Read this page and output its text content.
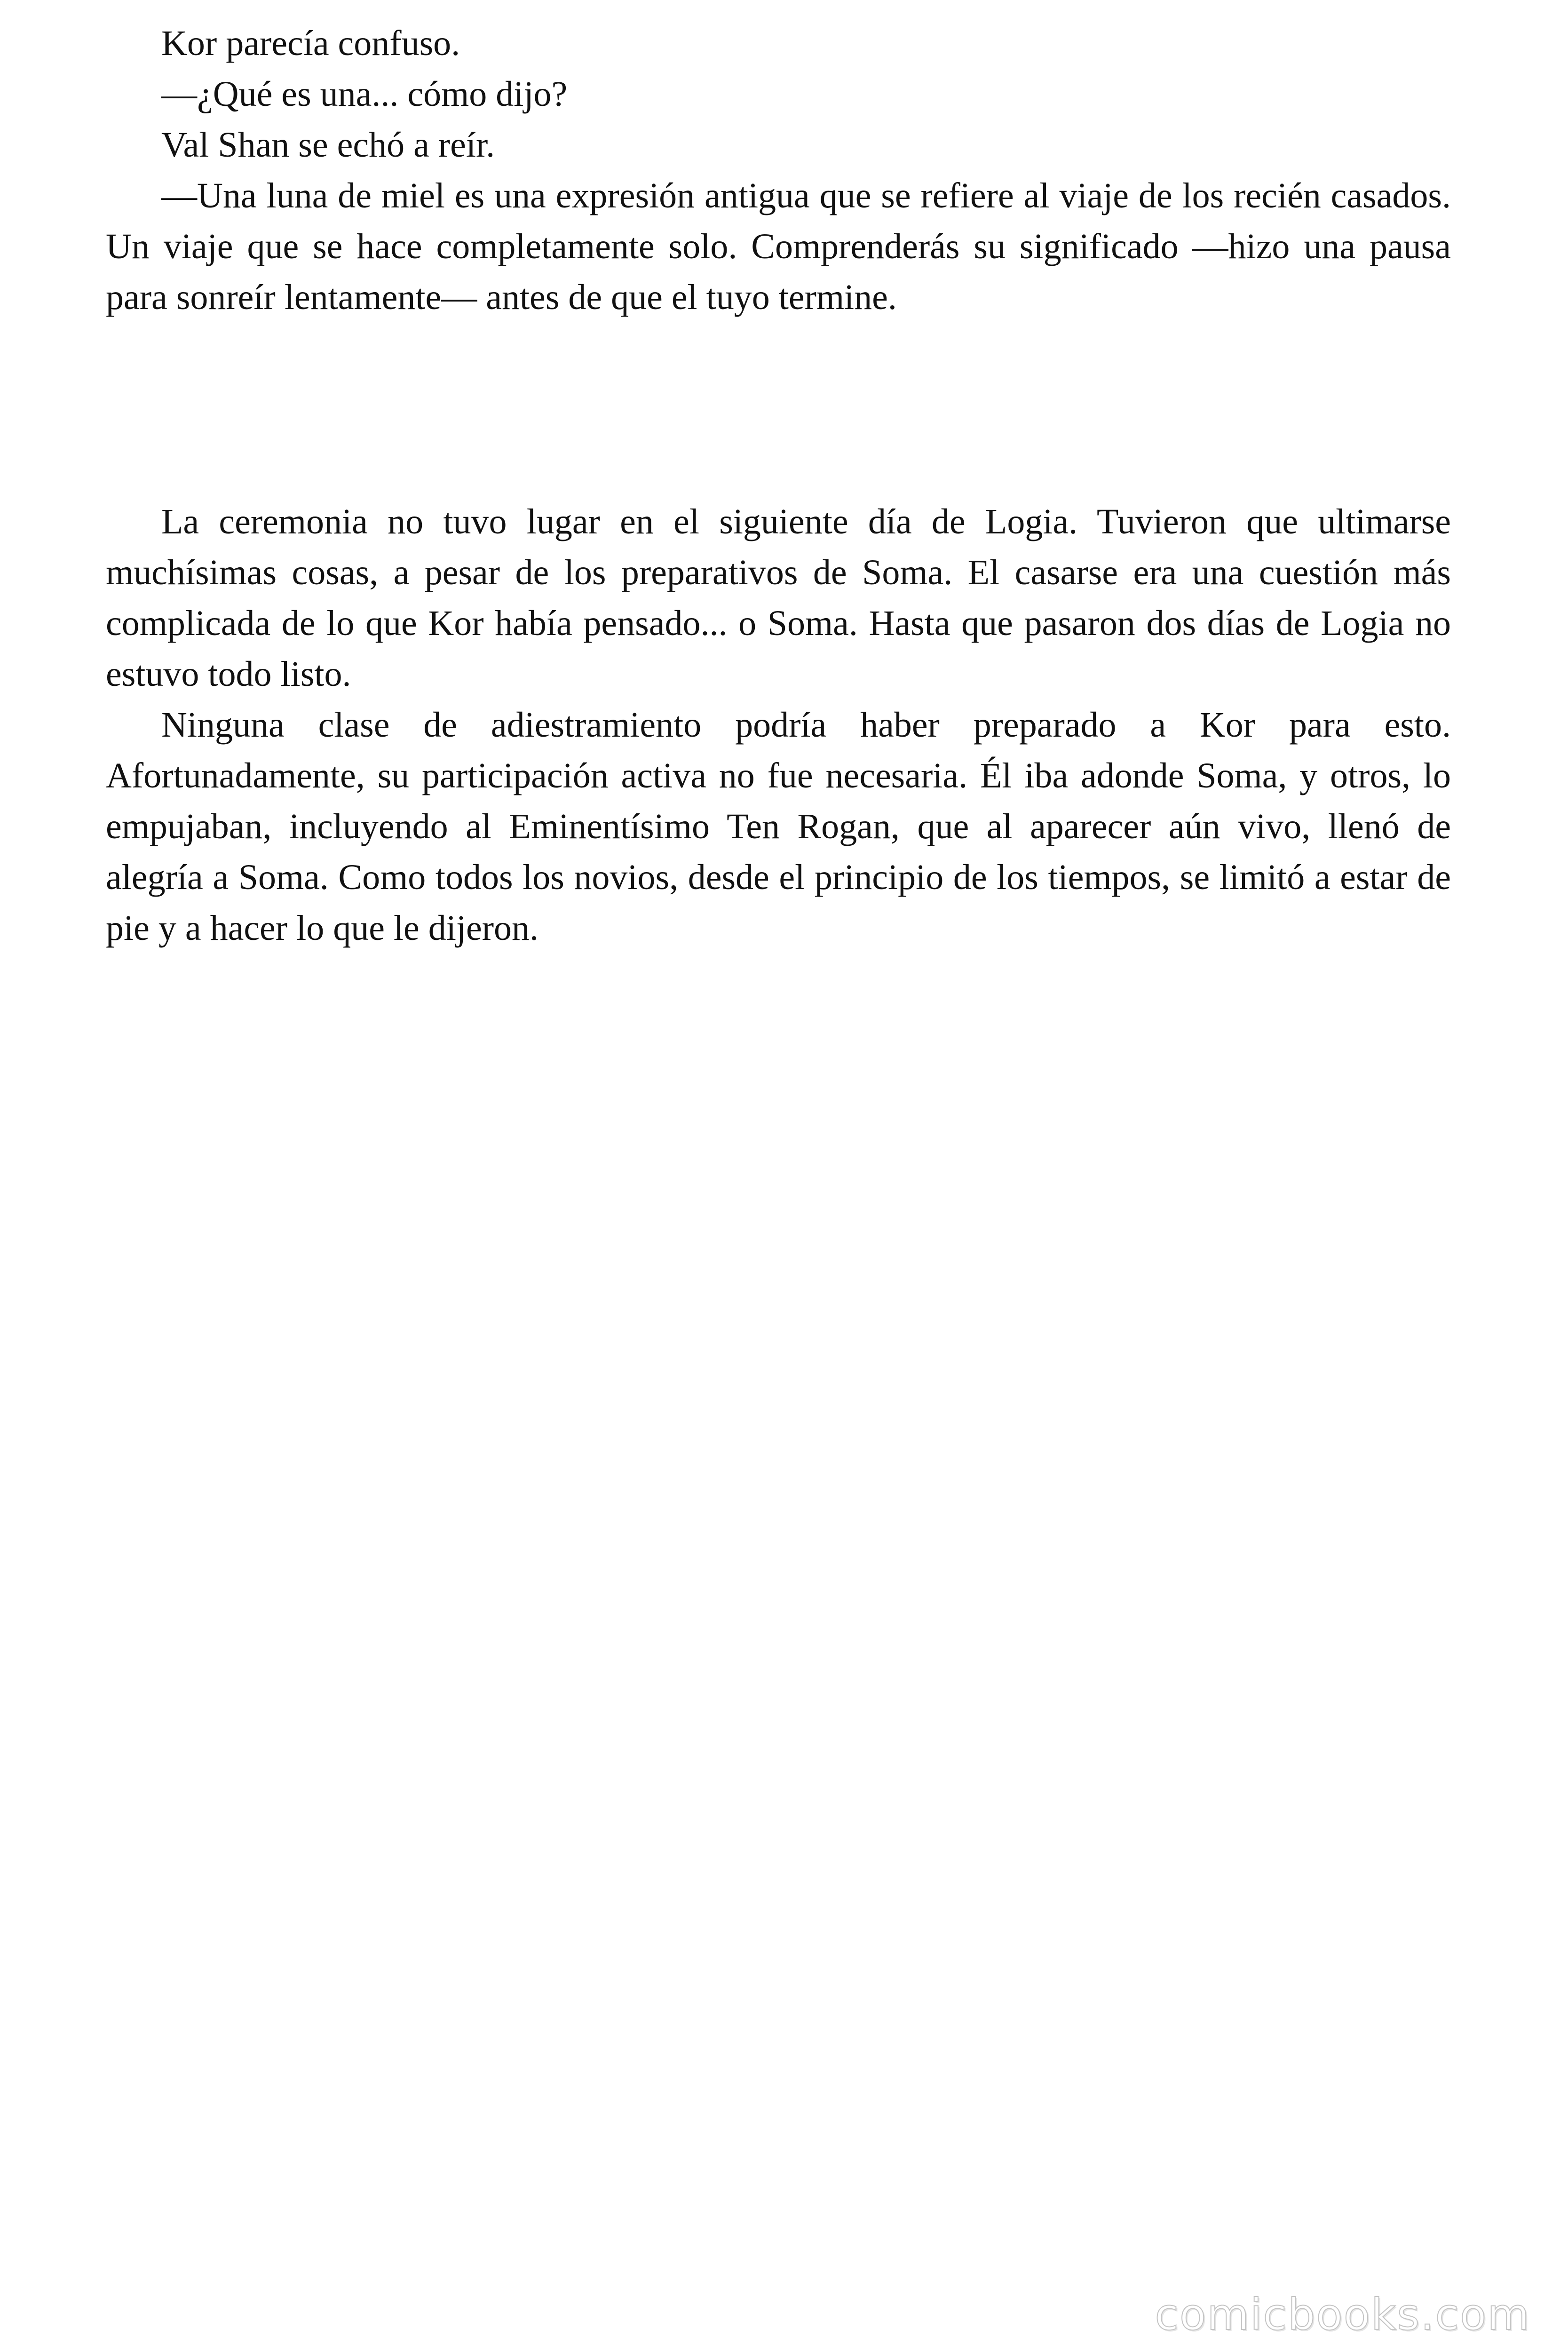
Kor parecía confuso.

—¿Qué es una... cómo dijo?

Val Shan se echó a reír.

—Una luna de miel es una expresión antigua que se refiere al viaje de los recién casados. Un viaje que se hace completamente solo. Comprenderás su significado —hizo una pausa para sonreír lentamente— antes de que el tuyo termine.

La ceremonia no tuvo lugar en el siguiente día de Logia. Tuvieron que ultimarse muchísimas cosas, a pesar de los preparativos de Soma. El casarse era una cuestión más complicada de lo que Kor había pensado... o Soma. Hasta que pasaron dos días de Logia no estuvo todo listo.

Ninguna clase de adiestramiento podría haber preparado a Kor para esto. Afortunadamente, su participación activa no fue necesaria. Él iba adonde Soma, y otros, lo empujaban, incluyendo al Eminentísimo Ten Rogan, que al aparecer aún vivo, llenó de alegría a Soma. Como todos los novios, desde el principio de los tiempos, se limitó a estar de pie y a hacer lo que le dijeron.

comicbooks.com
